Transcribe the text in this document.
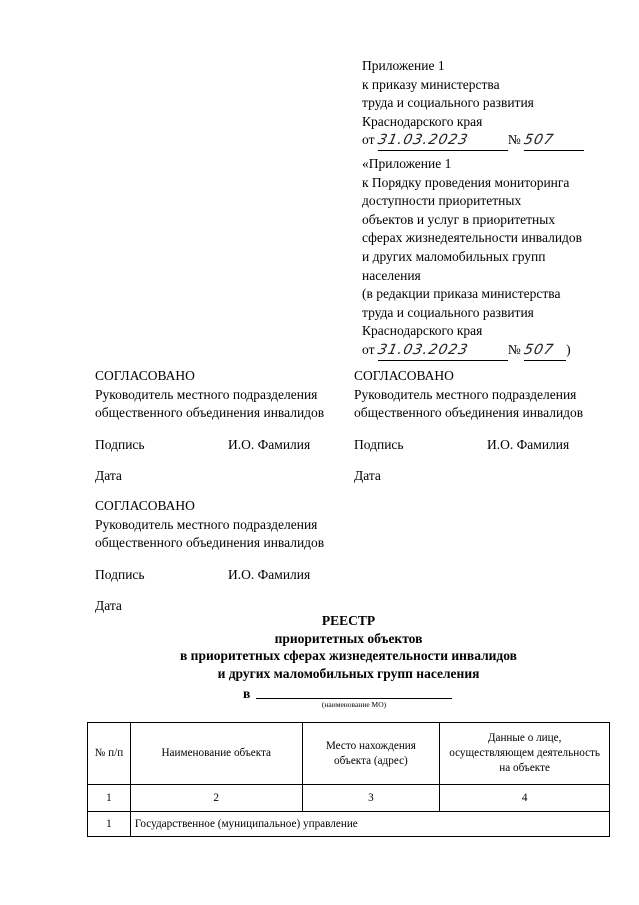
Приложение 1
к приказу министерства
труда и социального развития
Краснодарского края
от 31.03.2023	№ 507
«Приложение 1
к Порядку проведения мониторинга
доступности приоритетных
объектов и услуг в приоритетных
сферах жизнедеятельности инвалидов
и других маломобильных групп
населения
(в редакции приказа министерства
труда и социального развития
Краснодарского края
от 31.03.2023	№ 507 )
СОГЛАСОВАНО
Руководитель местного подразделения
общественного объединения инвалидов
Подпись	И.О. Фамилия
Дата
СОГЛАСОВАНО
Руководитель местного подразделения
общественного объединения инвалидов
Подпись	И.О. Фамилия
Дата
СОГЛАСОВАНО
Руководитель местного подразделения
общественного объединения инвалидов
Подпись	И.О. Фамилия
Дата
РЕЕСТР
приоритетных объектов
в приоритетных сферах жизнедеятельности инвалидов
и других маломобильных групп населения
в
(наименование МО)
№ п/п	Наименование объекта	Место нахождения объекта (адрес)	Данные о лице, осуществляющем деятельность на объекте
1	2	3	4
1	Государственное (муниципальное) управление		
